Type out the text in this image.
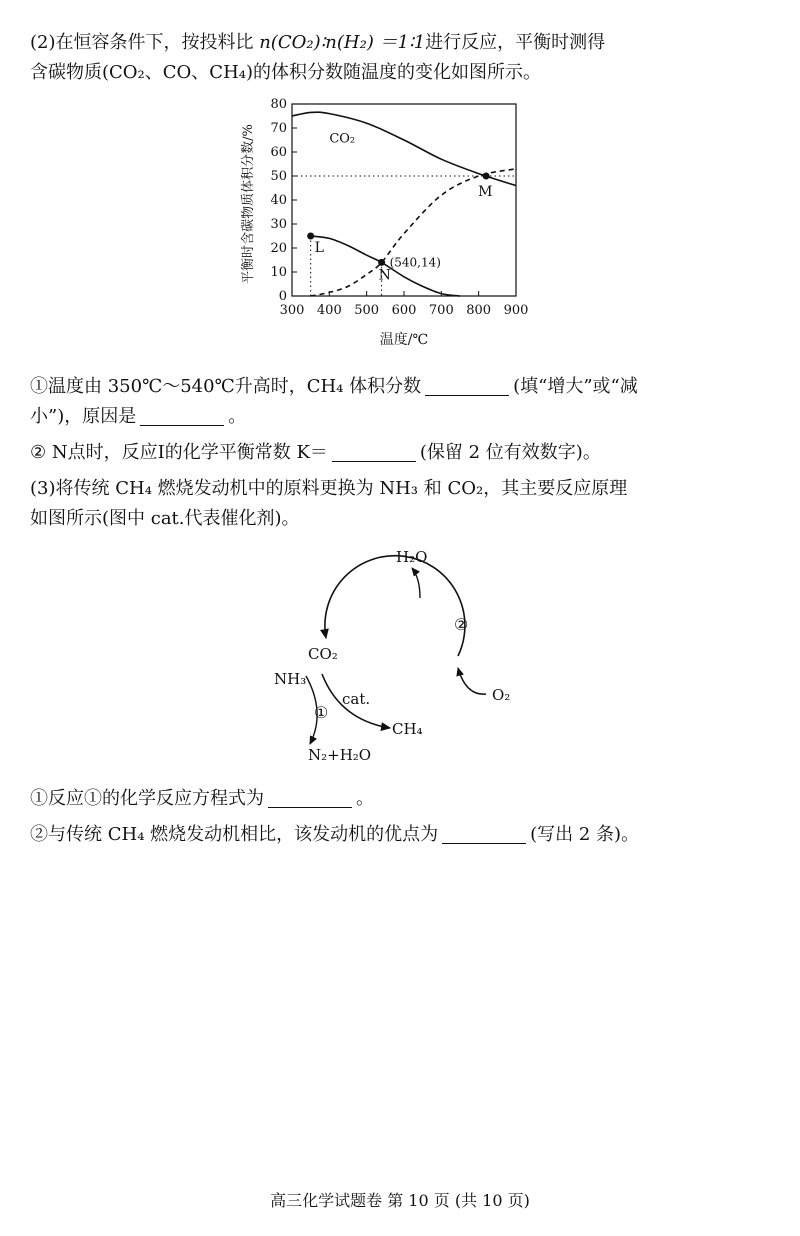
(2)在恒容条件下，按投料比 n(CO₂)∶n(H₂) ＝1∶1进行反应，平衡时测得
含碳物质(CO₂、CO、CH₄)的体积分数随温度的变化如图所示。
平衡时含碳物质体积分数/%
0
10
20
30
40
50
60
70
80
300 400 500 600 700 800 900
CO₂
L
N
M
(540,14)
温度/℃
①温度由 350℃～540℃升高时，CH₄ 体积分数	(填“增大”或“减
小”)，原因是	。
② N点时，反应Ⅰ的化学平衡常数 K＝	(保留 2 位有效数字)。
(3)将传统 CH₄ 燃烧发动机中的原料更换为 NH₃ 和 CO₂，其主要反应原理
如图所示(图中 cat.代表催化剂)。
H₂O
CO₂
NH₃
cat.	O₂
CH₄
N₂+H₂O
①
②
①反应①的化学反应方程式为	。
②与传统 CH₄ 燃烧发动机相比，该发动机的优点为	(写出 2 条)。
高三化学试题卷 第 10 页 (共 10 页)
